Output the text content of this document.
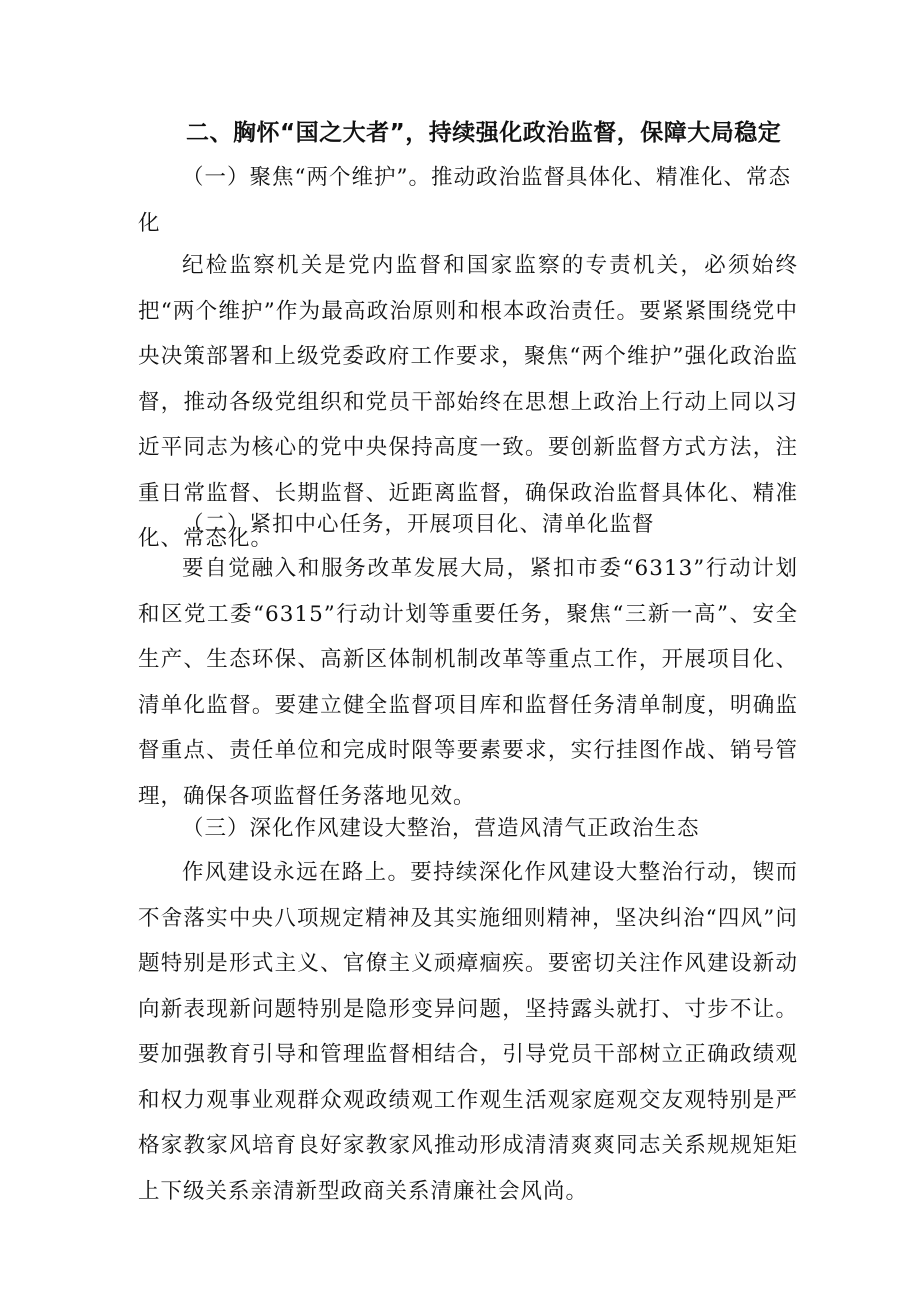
二、胸怀“国之大者”，持续强化政治监督，保障大局稳定
（一）聚焦“两个维护”。推动政治监督具体化、精准化、常态化
纪检监察机关是党内监督和国家监察的专责机关，必须始终把“两个维护”作为最高政治原则和根本政治责任。要紧紧围绕党中央决策部署和上级党委政府工作要求，聚焦“两个维护”强化政治监督，推动各级党组织和党员干部始终在思想上政治上行动上同以习近平同志为核心的党中央保持高度一致。要创新监督方式方法，注重日常监督、长期监督、近距离监督，确保政治监督具体化、精准化、常态化。
（二）紧扣中心任务，开展项目化、清单化监督
要自觉融入和服务改革发展大局，紧扣市委“6313”行动计划和区党工委“6315”行动计划等重要任务，聚焦“三新一高”、安全生产、生态环保、高新区体制机制改革等重点工作，开展项目化、清单化监督。要建立健全监督项目库和监督任务清单制度，明确监督重点、责任单位和完成时限等要素要求，实行挂图作战、销号管理，确保各项监督任务落地见效。
（三）深化作风建设大整治，营造风清气正政治生态
作风建设永远在路上。要持续深化作风建设大整治行动，锲而不舍落实中央八项规定精神及其实施细则精神，坚决纠治“四风”问题特别是形式主义、官僚主义顽瘴痼疾。要密切关注作风建设新动向新表现新问题特别是隐形变异问题，坚持露头就打、寸步不让。要加强教育引导和管理监督相结合，引导党员干部树立正确政绩观和权力观事业观群众观政绩观工作观生活观家庭观交友观特别是严格家教家风培育良好家教家风推动形成清清爽爽同志关系规规矩矩上下级关系亲清新型政商关系清廉社会风尚。
